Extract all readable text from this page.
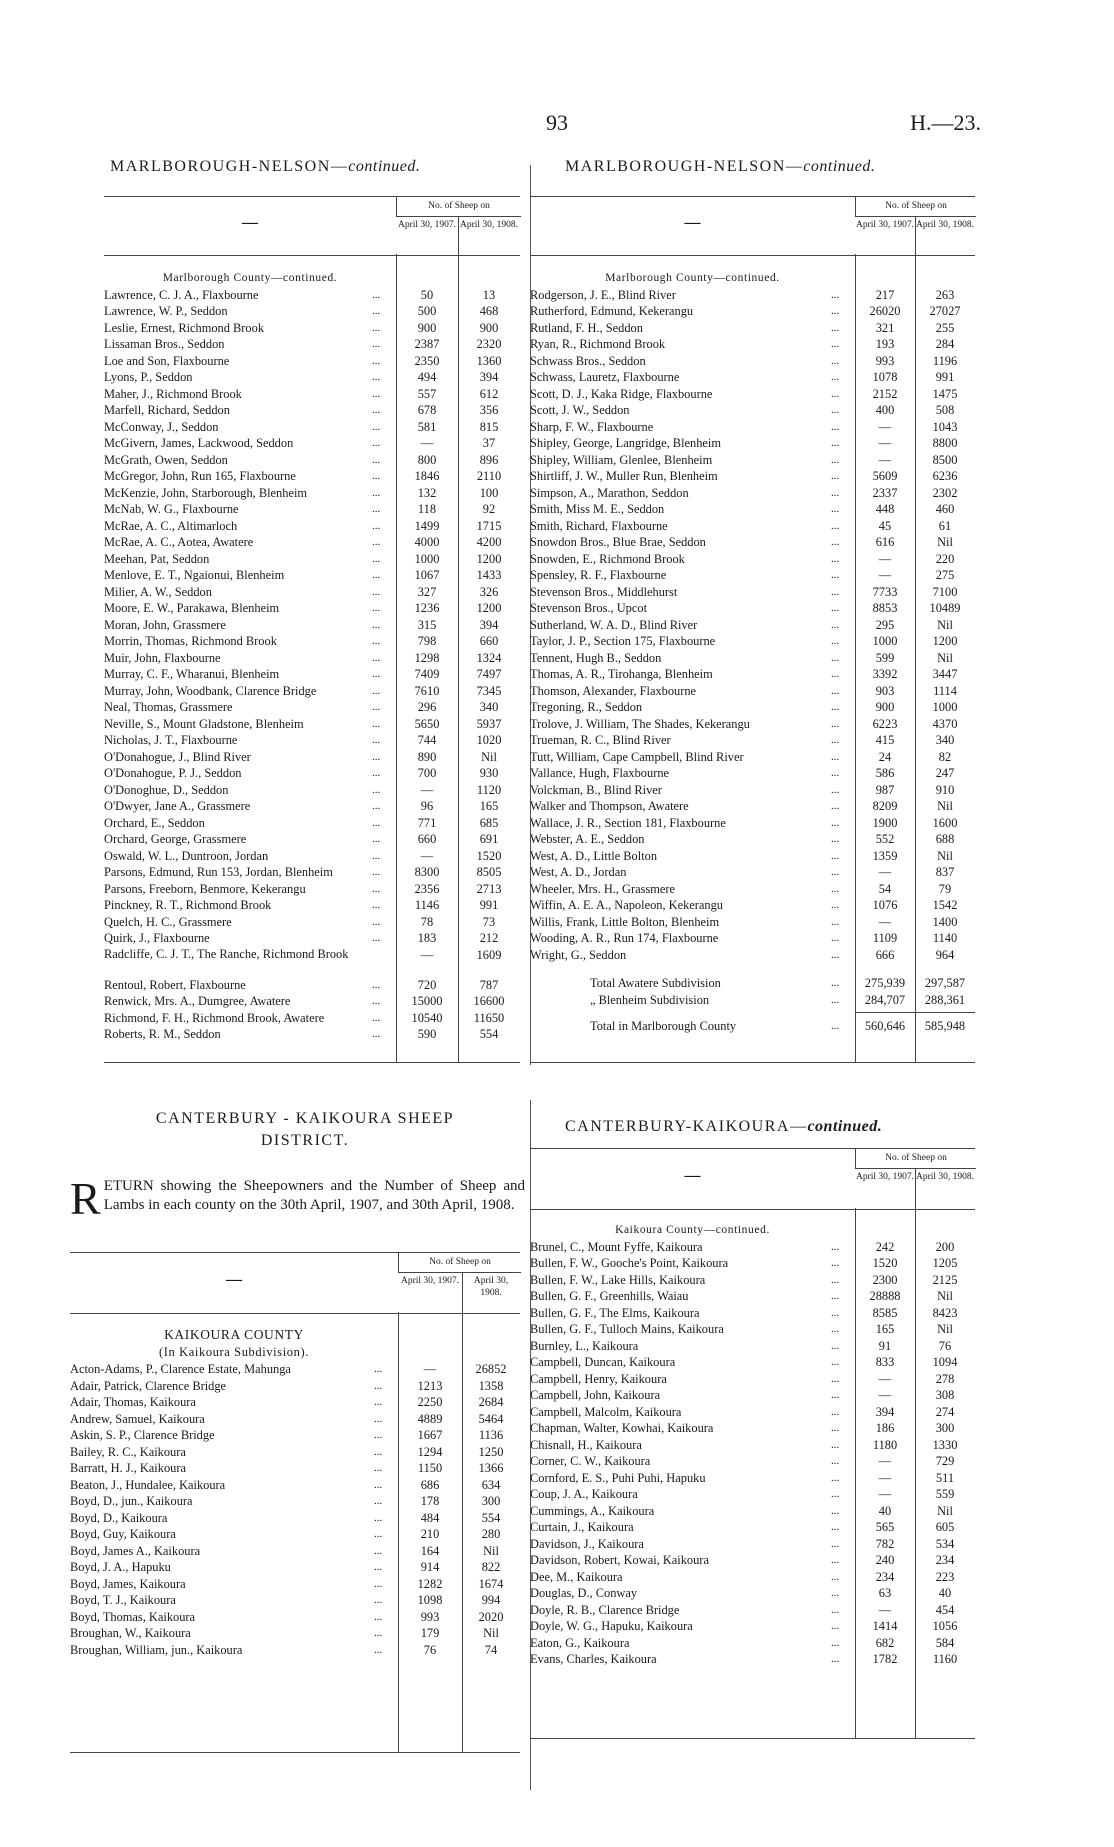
93	H.—23.
MARLBOROUGH-NELSON—continued.
—
No. of Sheep on
April 30, 1907. April 30, 1908.
Marlborough County—continued.
Lawrence, C. J. A., Flaxbourne	...	50	13
Lawrence, W. P., Seddon	...	500	468
Leslie, Ernest, Richmond Brook	...	900	900
Lissaman Bros., Seddon	...	2387	2320
Loe and Son, Flaxbourne	...	2350	1360
Lyons, P., Seddon	...	494	394
Maher, J., Richmond Brook	...	557	612
Marfell, Richard, Seddon	...	678	356
McConway, J., Seddon	...	581	815
McGivern, James, Lackwood, Seddon	...	—	37
McGrath, Owen, Seddon	...	800	896
McGregor, John, Run 165, Flaxbourne	...	1846	2110
McKenzie, John, Starborough, Blenheim	...	132	100
McNab, W. G., Flaxbourne	...	118	92
McRae, A. C., Altimarloch	...	1499	1715
McRae, A. C., Aotea, Awatere	...	4000	4200
Meehan, Pat, Seddon	...	1000	1200
Menlove, E. T., Ngaionui, Blenheim	...	1067	1433
Milier, A. W., Seddon	...	327	326
Moore, E. W., Parakawa, Blenheim	...	1236	1200
Moran, John, Grassmere	...	315	394
Morrin, Thomas, Richmond Brook	...	798	660
Muir, John, Flaxbourne	...	1298	1324
Murray, C. F., Wharanui, Blenheim	...	7409	7497
Murray, John, Woodbank, Clarence Bridge	...	7610	7345
Neal, Thomas, Grassmere	...	296	340
Neville, S., Mount Gladstone, Blenheim	...	5650	5937
Nicholas, J. T., Flaxbourne	...	744	1020
O'Donahogue, J., Blind River	...	890	Nil
O'Donahogue, P. J., Seddon	...	700	930
O'Donoghue, D., Seddon	...	—	1120
O'Dwyer, Jane A., Grassmere	...	96	165
Orchard, E., Seddon	...	771	685
Orchard, George, Grassmere	...	660	691
Oswald, W. L., Duntroon, Jordan	...	—	1520
Parsons, Edmund, Run 153, Jordan, Blenheim	...	8300	8505
Parsons, Freeborn, Benmore, Kekerangu	...	2356	2713
Pinckney, R. T., Richmond Brook	...	1146	991
Quelch, H. C., Grassmere	...	78	73
Quirk, J., Flaxbourne	...	183	212
Radcliffe, C. J. T., The Ranche, Richmond Brook	—	1609
Rentoul, Robert, Flaxbourne	...	720	787
Renwick, Mrs. A., Dumgree, Awatere	...	15000	16600
Richmond, F. H., Richmond Brook, Awatere	...	10540	11650
Roberts, R. M., Seddon	...	590	554
MARLBOROUGH-NELSON—continued.
—
No. of Sheep on
April 30, 1907. April 30, 1908.
Marlborough County—continued.
Rodgerson, J. E., Blind River	...	217	263
Rutherford, Edmund, Kekerangu	...	26020	27027
Rutland, F. H., Seddon	...	321	255
Ryan, R., Richmond Brook	...	193	284
Schwass Bros., Seddon	...	993	1196
Schwass, Lauretz, Flaxbourne	...	1078	991
Scott, D. J., Kaka Ridge, Flaxbourne	...	2152	1475
Scott, J. W., Seddon	...	400	508
Sharp, F. W., Flaxbourne	...	—	1043
Shipley, George, Langridge, Blenheim	...	—	8800
Shipley, William, Glenlee, Blenheim	...	—	8500
Shirtliff, J. W., Muller Run, Blenheim	...	5609	6236
Simpson, A., Marathon, Seddon	...	2337	2302
Smith, Miss M. E., Seddon	...	448	460
Smith, Richard, Flaxbourne	...	45	61
Snowdon Bros., Blue Brae, Seddon	...	616	Nil
Snowden, E., Richmond Brook	...	—	220
Spensley, R. F., Flaxbourne	...	—	275
Stevenson Bros., Middlehurst	...	7733	7100
Stevenson Bros., Upcot	...	8853	10489
Sutherland, W. A. D., Blind River	...	295	Nil
Taylor, J. P., Section 175, Flaxbourne	...	1000	1200
Tennent, Hugh B., Seddon	...	599	Nil
Thomas, A. R., Tirohanga, Blenheim	...	3392	3447
Thomson, Alexander, Flaxbourne	...	903	1114
Tregoning, R., Seddon	...	900	1000
Trolove, J. William, The Shades, Kekerangu	...	6223	4370
Trueman, R. C., Blind River	...	415	340
Tutt, William, Cape Campbell, Blind River	...	24	82
Vallance, Hugh, Flaxbourne	...	586	247
Volckman, B., Blind River	...	987	910
Walker and Thompson, Awatere	...	8209	Nil
Wallace, J. R., Section 181, Flaxbourne	...	1900	1600
Webster, A. E., Seddon	...	552	688
West, A. D., Little Bolton	...	1359	Nil
West, A. D., Jordan	...	—	837
Wheeler, Mrs. H., Grassmere	...	54	79
Wiffin, A. E. A., Napoleon, Kekerangu	...	1076	1542
Willis, Frank, Little Bolton, Blenheim	...	—	1400
Wooding, A. R., Run 174, Flaxbourne	...	1109	1140
Wright, G., Seddon	...	666	964
Total Awatere Subdivision	...	275,939	297,587
„ Blenheim Subdivision	...	284,707	288,361
Total in Marlborough County	...	560,646	585,948
CANTERBURY - KAIKOURA SHEEP
DISTRICT.
RETURN showing the Sheepowners and the Number of Sheep and Lambs in each county on the 30th April, 1907, and 30th April, 1908.
—
No. of Sheep on
April 30, 1907.	April 30, 1908.
KAIKOURA COUNTY
(In Kaikoura Subdivision).
Acton-Adams, P., Clarence Estate, Mahunga	...	—	26852
Adair, Patrick, Clarence Bridge	...	1213	1358
Adair, Thomas, Kaikoura	...	2250	2684
Andrew, Samuel, Kaikoura	...	4889	5464
Askin, S. P., Clarence Bridge	...	1667	1136
Bailey, R. C., Kaikoura	...	1294	1250
Barratt, H. J., Kaikoura	...	1150	1366
Beaton, J., Hundalee, Kaikoura	...	686	634
Boyd, D., jun., Kaikoura	...	178	300
Boyd, D., Kaikoura	...	484	554
Boyd, Guy, Kaikoura	...	210	280
Boyd, James A., Kaikoura	...	164	Nil
Boyd, J. A., Hapuku	...	914	822
Boyd, James, Kaikoura	...	1282	1674
Boyd, T. J., Kaikoura	...	1098	994
Boyd, Thomas, Kaikoura	...	993	2020
Broughan, W., Kaikoura	...	179	Nil
Broughan, William, jun., Kaikoura	...	76	74
CANTERBURY-KAIKOURA—continued.
—
No. of Sheep on
April 30, 1907. April 30, 1908.
Kaikoura County—continued.
Brunel, C., Mount Fyffe, Kaikoura	...	242	200
Bullen, F. W., Gooche's Point, Kaikoura	...	1520	1205
Bullen, F. W., Lake Hills, Kaikoura	...	2300	2125
Bullen, G. F., Greenhills, Waiau	...	28888	Nil
Bullen, G. F., The Elms, Kaikoura	...	8585	8423
Bullen, G. F., Tulloch Mains, Kaikoura	...	165	Nil
Burnley, L., Kaikoura	...	91	76
Campbell, Duncan, Kaikoura	...	833	1094
Campbell, Henry, Kaikoura	...	—	278
Campbell, John, Kaikoura	...	—	308
Campbell, Malcolm, Kaikoura	...	394	274
Chapman, Walter, Kowhai, Kaikoura	...	186	300
Chisnall, H., Kaikoura	...	1180	1330
Corner, C. W., Kaikoura	...	—	729
Cornford, E. S., Puhi Puhi, Hapuku	...	—	511
Coup, J. A., Kaikoura	...	—	559
Cummings, A., Kaikoura	...	40	Nil
Curtain, J., Kaikoura	...	565	605
Davidson, J., Kaikoura	...	782	534
Davidson, Robert, Kowai, Kaikoura	...	240	234
Dee, M., Kaikoura	...	234	223
Douglas, D., Conway	...	63	40
Doyle, R. B., Clarence Bridge	...	—	454
Doyle, W. G., Hapuku, Kaikoura	...	1414	1056
Eaton, G., Kaikoura	...	682	584
Evans, Charles, Kaikoura	...	1782	1160
